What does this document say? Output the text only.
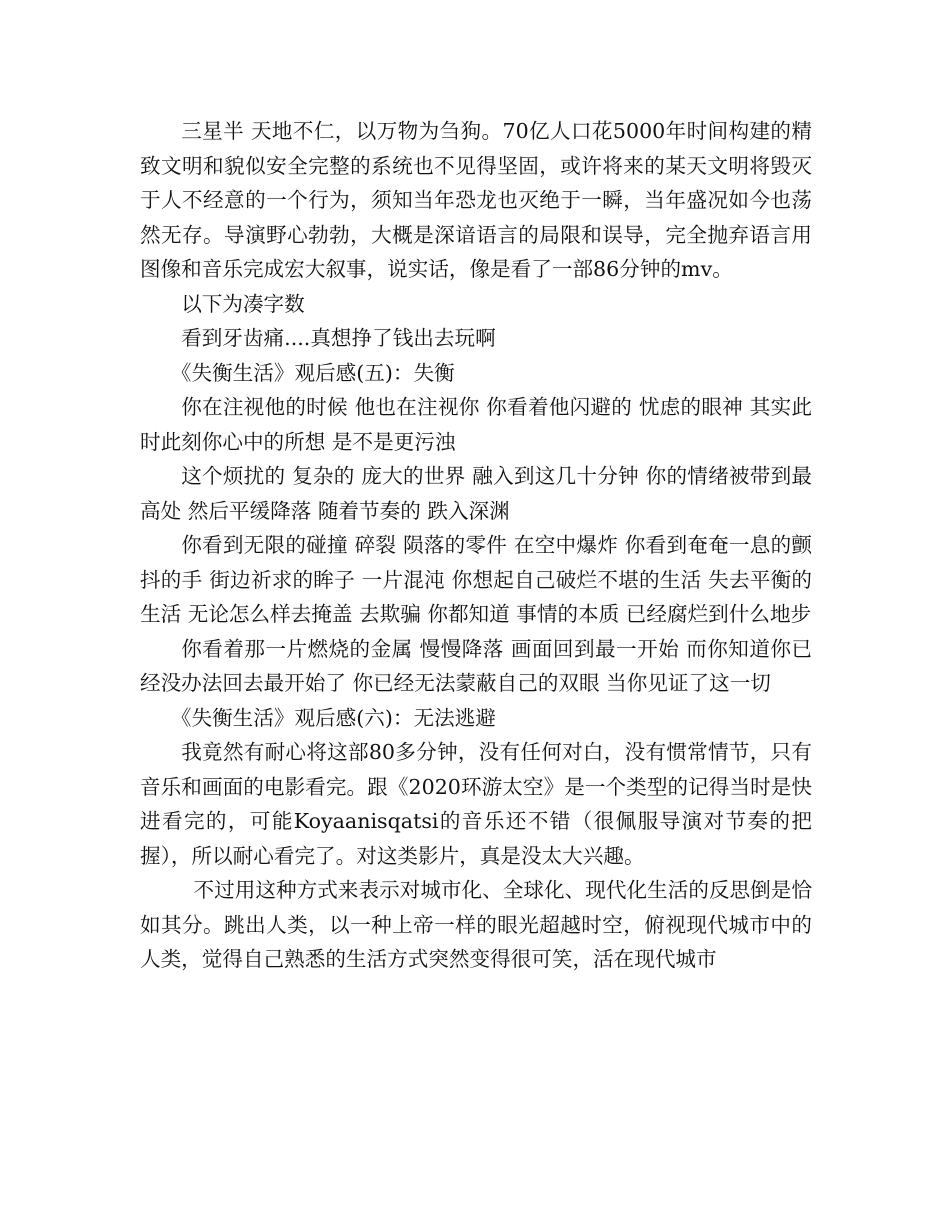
三星半 天地不仁，以万物为刍狗。70亿人口花5000年时间构建的精致文明和貌似安全完整的系统也不见得坚固，或许将来的某天文明将毁灭于人不经意的一个行为，须知当年恐龙也灭绝于一瞬，当年盛况如今也荡然无存。导演野心勃勃，大概是深谙语言的局限和误导，完全抛弃语言用图像和音乐完成宏大叙事，说实话，像是看了一部86分钟的mv。

以下为凑字数

看到牙齿痛....真想挣了钱出去玩啊

《失衡生活》观后感(五)：失衡

你在注视他的时候 他也在注视你 你看着他闪避的 忧虑的眼神 其实此时此刻你心中的所想 是不是更污浊

这个烦扰的 复杂的 庞大的世界 融入到这几十分钟 你的情绪被带到最高处 然后平缓降落 随着节奏的 跌入深渊

你看到无限的碰撞 碎裂 陨落的零件 在空中爆炸 你看到奄奄一息的颤抖的手 街边祈求的眸子 一片混沌 你想起自己破烂不堪的生活 失去平衡的生活 无论怎么样去掩盖 去欺骗 你都知道 事情的本质 已经腐烂到什么地步

你看着那一片燃烧的金属 慢慢降落 画面回到最一开始 而你知道你已经没办法回去最开始了 你已经无法蒙蔽自己的双眼 当你见证了这一切

《失衡生活》观后感(六)：无法逃避

我竟然有耐心将这部80多分钟，没有任何对白，没有惯常情节，只有音乐和画面的电影看完。跟《2020环游太空》是一个类型的记得当时是快进看完的，可能Koyaanisqatsi的音乐还不错（很佩服导演对节奏的把握），所以耐心看完了。对这类影片，真是没太大兴趣。

不过用这种方式来表示对城市化、全球化、现代化生活的反思倒是恰如其分。跳出人类，以一种上帝一样的眼光超越时空，俯视现代城市中的人类，觉得自己熟悉的生活方式突然变得很可笑，活在现代城市
